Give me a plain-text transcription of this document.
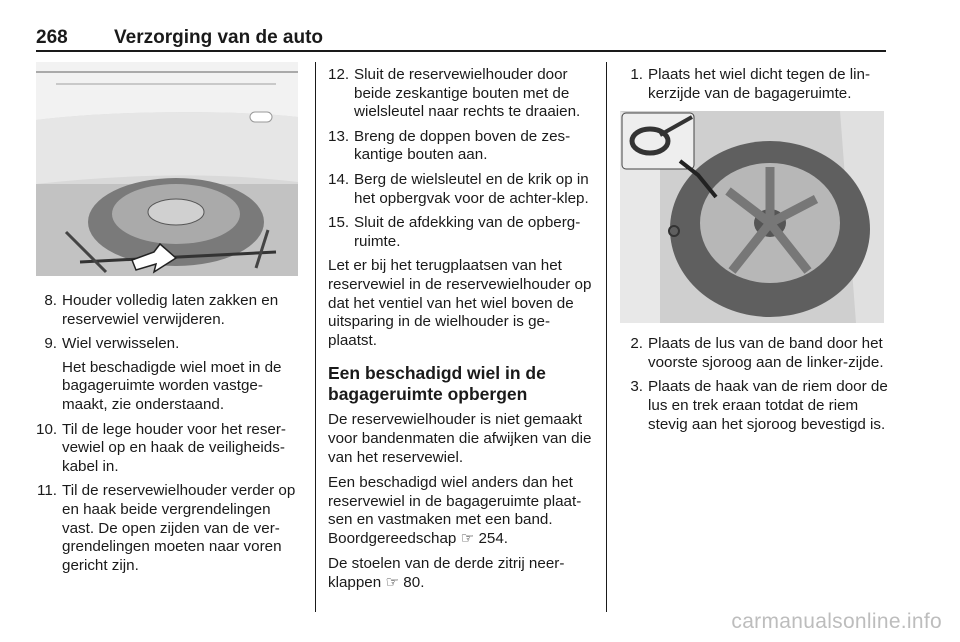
268 Verzorging van de auto
8. Houder volledig laten zakken en reservewiel verwijderen.
9. Wiel verwisselen.

Het beschadigde wiel moet in de bagageruimte worden vastge-maakt, zie onderstaand.

10. Til de lege houder voor het reser-vewiel op en haak de veiligheids-kabel in.
11. Til de reservewielhouder verder op en haak beide vergrendelingen vast. De open zijden van de ver-grendelingen moeten naar voren gericht zijn.
12. Sluit de reservewielhouder door beide zeskantige bouten met de wielsleutel naar rechts te draaien.
13. Breng de doppen boven de zes-kantige bouten aan.
14. Berg de wielsleutel en de krik op in het opbergvak voor de achter-klep.
15. Sluit de afdekking van de opberg-ruimte.

Let er bij het terugplaatsen van het reservewiel in de reservewielhouder op dat het ventiel van het wiel boven de uitsparing in de wielhouder is ge-plaatst.

Een beschadigd wiel in de bagageruimte opbergen

De reservewielhouder is niet gemaakt voor bandenmaten die afwijken van die van het reservewiel.

Een beschadigd wiel anders dan het reservewiel in de bagageruimte plaat-sen en vastmaken met een band. Boordgereedschap ☞ 254.

De stoelen van de derde zitrij neer-klappen ☞ 80.

1. Plaats het wiel dicht tegen de lin-kerzijde van de bagageruimte.
2. Plaats de lus van de band door het voorste sjoroog aan de linker-zijde.
3. Plaats de haak van de riem door de lus en trek eraan totdat de riem stevig aan het sjoroog bevestigd is.
carmanualsonline.info
